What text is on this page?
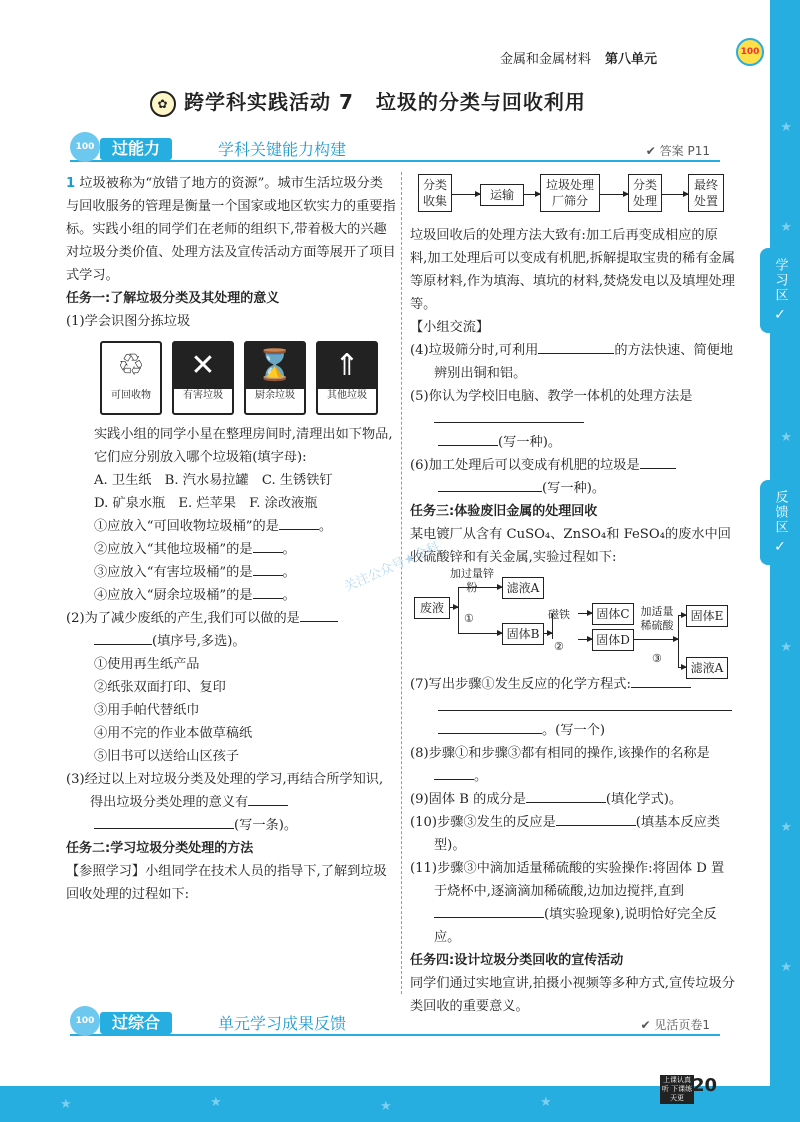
★
★
★
★
★
★
★	★	★	★
学习区
✓
反馈区
✓
金属和金属材料 第八单元	100
✿ 跨学科实践活动 7 垃圾的分类与回收利用
100	过能力	学科关键能力构建	✔ 答案 P11

1 垃圾被称为“放错了地方的资源”。城市生活垃圾分类与回收服务的管理是衡量一个国家或地区软实力的重要指标。实践小组的同学们在老师的组织下,带着极大的兴趣对垃圾分类价值、处理方法及宣传活动方面等展开了项目式学习。

任务一:了解垃圾分类及其处理的意义

(1)学会识图分拣垃圾

♲
可回收物
✕
有害垃圾
⌛
厨余垃圾
⇑
其他垃圾

实践小组的同学小星在整理房间时,清理出如下物品,它们应分别放入哪个垃圾箱(填字母):

A. 卫生纸　B. 汽水易拉罐　C. 生锈铁钉

D. 矿泉水瓶　E. 烂苹果　F. 涂改液瓶

①应放入“可回收物垃圾桶”的是	。

②应放入“其他垃圾桶”的是 。

③应放入“有害垃圾桶”的是 。

④应放入“厨余垃圾桶”的是 。

(2)为了减少废纸的产生,我们可以做的是

(填序号,多选)。

①使用再生纸产品

②纸张双面打印、复印

③用手帕代替纸巾

④用不完的作业本做草稿纸

⑤旧书可以送给山区孩子

(3)经过以上对垃圾分类及处理的学习,再结合所学知识,得出垃圾分类处理的意义有

(写一条)。

任务二:学习垃圾分类处理的方法

【参照学习】小组同学在技术人员的指导下,了解到垃圾回收处理的过程如下:

分类收集	运输
垃圾处理厂筛分
分类处理
最终处置

垃圾回收后的处理方法大致有:加工后再变成相应的原料,加工处理后可以变成有机肥,拆解提取宝贵的稀有金属等原材料,作为填海、填坑的材料,焚烧发电以及填埋处理等。

【小组交流】

(4)垃圾筛分时,可利用	的方法快速、简便地辨别出铜和铝。

(5)你认为学校旧电脑、教学一体机的处理方法是

(写一种)。

(6)加工处理后可以变成有机肥的垃圾是

(写一种)。

任务三:体验废旧金属的处理回收

某电镀厂从含有 CuSO₄、ZnSO₄和 FeSO₄的废水中回收硫酸锌和有关金属,实验过程如下:

废液
加过量锌粉
①
滤液A
固体B
磁铁
②
固体C
固体D
加适量稀硫酸
③
固体E
滤液A

(7)写出步骤①发生反应的化学方程式:

。(写一个)

(8)步骤①和步骤③都有相同的操作,该操作的名称是。

(9)固体 B 的成分是	(填化学式)。

(10)步骤③发生的反应是	(填基本反应类型)。

(11)步骤③中滴加适量稀硫酸的实验操作:将固体 D 置于烧杯中,逐滴滴加稀硫酸,边加边搅拌,直到(填实验现象),说明恰好完全反应。

任务四:设计垃圾分类回收的宣传活动

同学们通过实地宣讲,拍摄小视频等多种方式,宣传垃圾分类回收的重要意义。

关注公众号★全科
100	过综合	单元学习成果反馈	✔ 见活页卷1
上课认真听 下课练天更
20
